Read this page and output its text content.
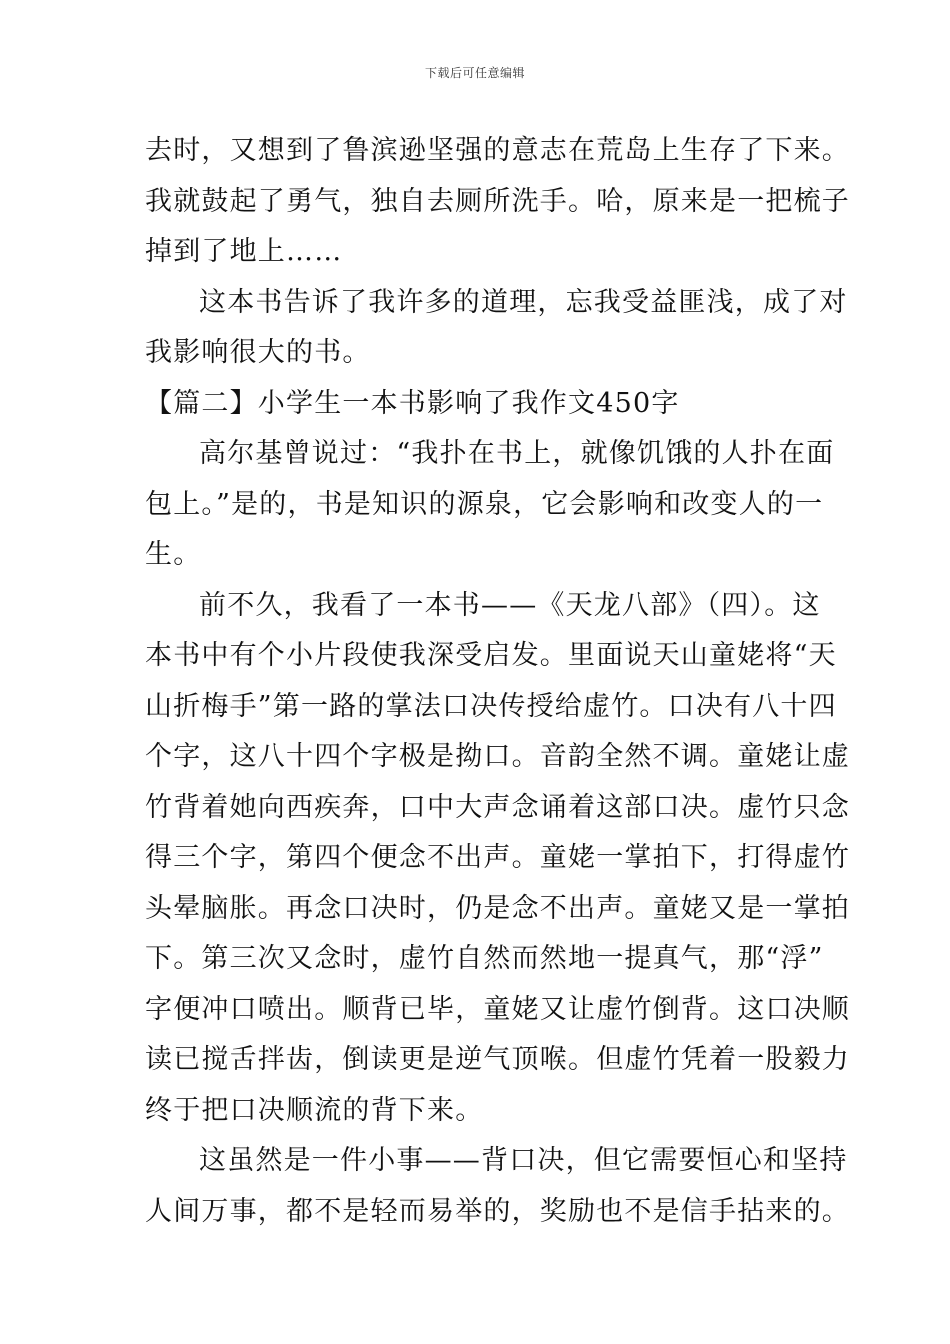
下载后可任意编辑
去时，又想到了鲁滨逊坚强的意志在荒岛上生存了下来。
我就鼓起了勇气，独自去厕所洗手。哈，原来是一把梳子
掉到了地上……
这本书告诉了我许多的道理，忘我受益匪浅，成了对
我影响很大的书。
【篇二】小学生一本书影响了我作文450字
高尔基曾说过：“我扑在书上，就像饥饿的人扑在面
包上。”是的，书是知识的源泉，它会影响和改变人的一
生。
前不久，我看了一本书——《天龙八部》（四）。这
本书中有个小片段使我深受启发。里面说天山童姥将“天
山折梅手”第一路的掌法口决传授给虚竹。口决有八十四
个字，这八十四个字极是拗口。音韵全然不调。童姥让虚
竹背着她向西疾奔，口中大声念诵着这部口决。虚竹只念
得三个字，第四个便念不出声。童姥一掌拍下，打得虚竹
头晕脑胀。再念口决时，仍是念不出声。童姥又是一掌拍
下。第三次又念时，虚竹自然而然地一提真气，那“浮”
字便冲口喷出。顺背已毕，童姥又让虚竹倒背。这口决顺
读已搅舌拌齿，倒读更是逆气顶喉。但虚竹凭着一股毅力
终于把口决顺流的背下来。
这虽然是一件小事——背口决，但它需要恒心和坚持
人间万事，都不是轻而易举的，奖励也不是信手拈来的。
